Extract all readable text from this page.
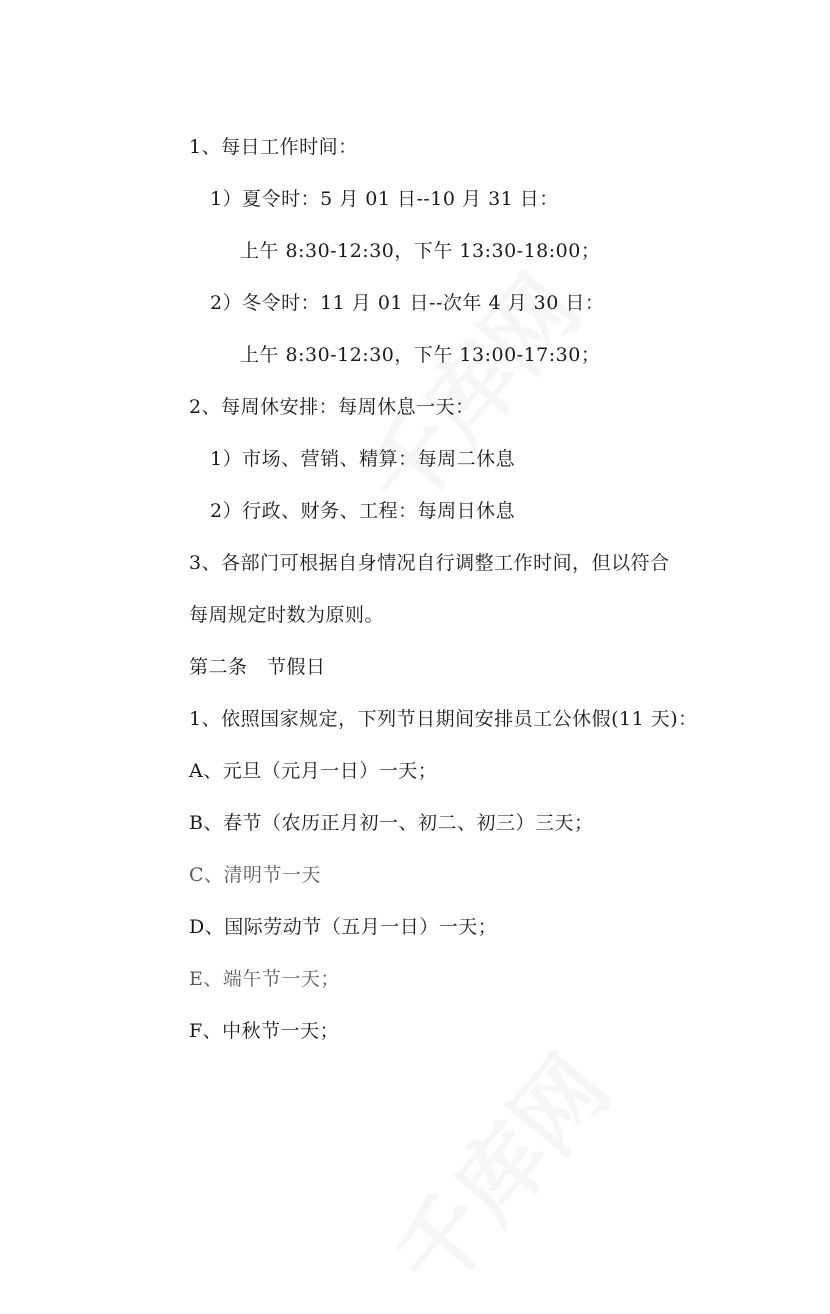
1、每日工作时间：
1）夏令时：5 月 01 日--10 月 31 日：
上午 8:30-12:30，下午 13:30-18:00；
2）冬令时：11 月 01 日--次年 4 月 30 日：
上午 8:30-12:30，下午 13:00-17:30；
2、每周休安排：每周休息一天：
1）市场、营销、精算：每周二休息
2）行政、财务、工程：每周日休息
3、各部门可根据自身情况自行调整工作时间，但以符合
每周规定时数为原则。
第二条　节假日
1、依照国家规定，下列节日期间安排员工公休假(11 天)：
A、元旦（元月一日）一天；
B、春节（农历正月初一、初二、初三）三天；
C、清明节一天
D、国际劳动节（五月一日）一天；
E、端午节一天；
F、中秋节一天；
